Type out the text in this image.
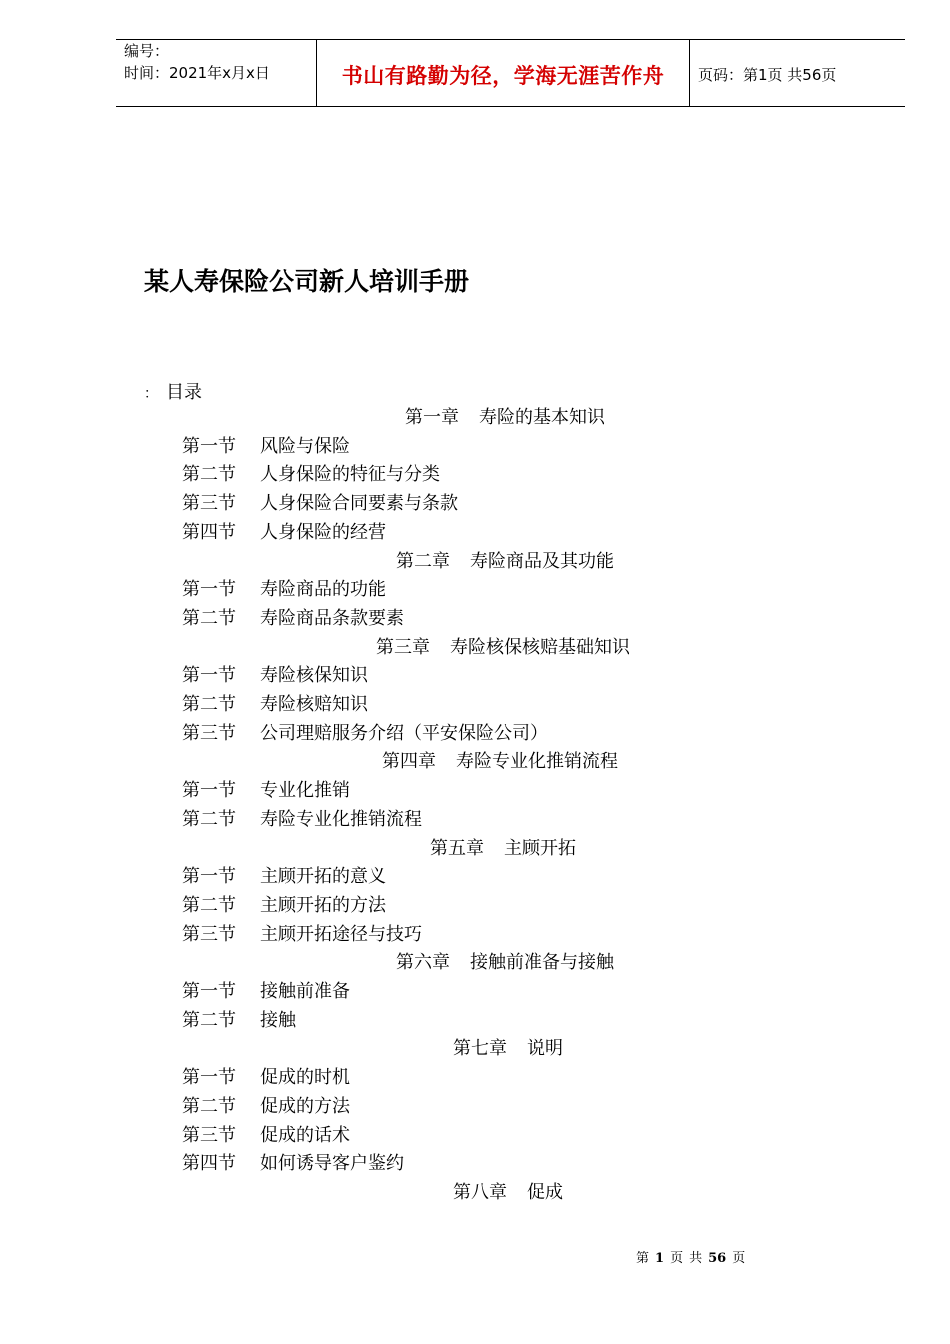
编号：
时间：2021年x月x日	书山有路勤为径，学海无涯苦作舟	页码：第1页 共56页
某人寿保险公司新人培训手册
： 目录
第一章 寿险的基本知识
第一节 风险与保险
第二节 人身保险的特征与分类
第三节 人身保险合同要素与条款
第四节 人身保险的经营
第二章 寿险商品及其功能
第一节 寿险商品的功能
第二节 寿险商品条款要素
第三章 寿险核保核赔基础知识
第一节 寿险核保知识
第二节 寿险核赔知识
第三节 公司理赔服务介绍（平安保险公司）
第四章 寿险专业化推销流程
第一节 专业化推销
第二节 寿险专业化推销流程
第五章 主顾开拓
第一节 主顾开拓的意义
第二节 主顾开拓的方法
第三节 主顾开拓途径与技巧
第六章 接触前准备与接触
第一节 接触前准备
第二节 接触
第七章 说明
第一节 促成的时机
第二节 促成的方法
第三节 促成的话术
第四节 如何诱导客户鉴约
第八章 促成
第 1 页 共 56 页
